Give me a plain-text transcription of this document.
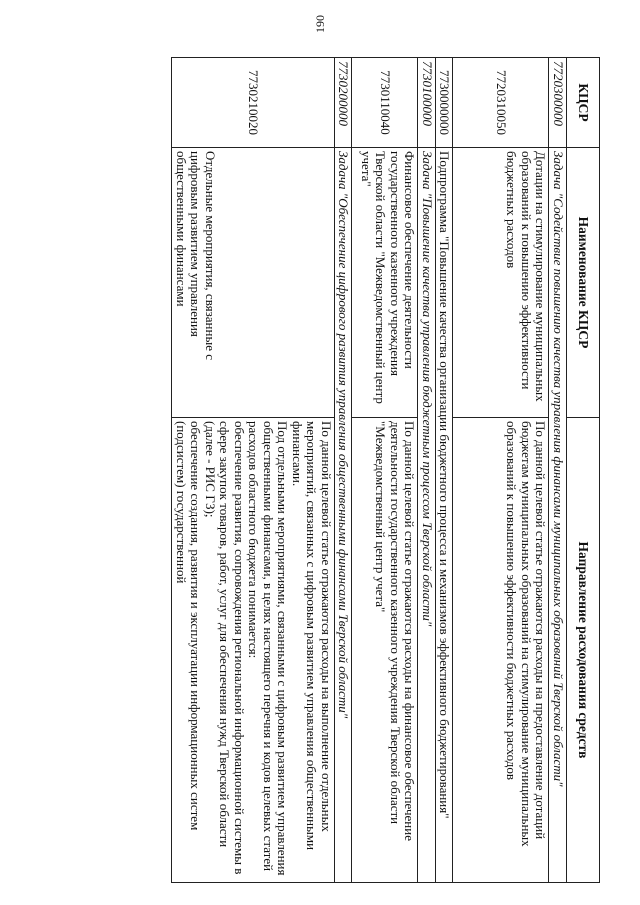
190
КЦСР	Наименование КЦСР	Направление расходования средств
7720300000	Задача "Содействие повышению качества управления финансами муниципальных образований Тверской области"	
7720310050	Дотации на стимулирование муниципальных образований к повышению эффективности бюджетных расходов	По данной целевой статье отражаются расходы на предоставление дотаций бюджетам муниципальных образований на стимулирование муниципальных образований к повышению эффективности бюджетных расходов
7730000000	Подпрограмма "Повышение качества организации бюджетного процесса и механизмов эффективного бюджетирования"	
7730100000	Задача "Повышение качества управления бюджетным процессом Тверской области"	
7730110040	Финансовое обеспечение деятельности государственного казенного учреждения Тверской области "Межведомственный центр учета"	По данной целевой статье отражаются расходы на финансовое обеспечение деятельности государственного казенного учреждения Тверской области "Межведомственный центр учета"
7730200000	Задача "Обеспечение цифрового развития управления общественными финансами Тверской области"	
7730210020	Отдельные мероприятия, связанные с цифровым развитием управления общественными финансами	По данной целевой статье отражаются расходы на выполнение отдельных мероприятий, связанных с цифровым развитием управления общественными финансами.
Под отдельными мероприятиями, связанными с цифровым развитием управления общественными финансами, в целях настоящего перечня и кодов целевых статей расходов областного бюджета понимается:
обеспечение развития, сопровождения региональной информационной системы в сфере закупок товаров, работ, услуг для обеспечения нужд Тверской области (далее - РИС ГЗ);
обеспечение создания, развития и эксплуатации информационных систем (подсистем) государственной
